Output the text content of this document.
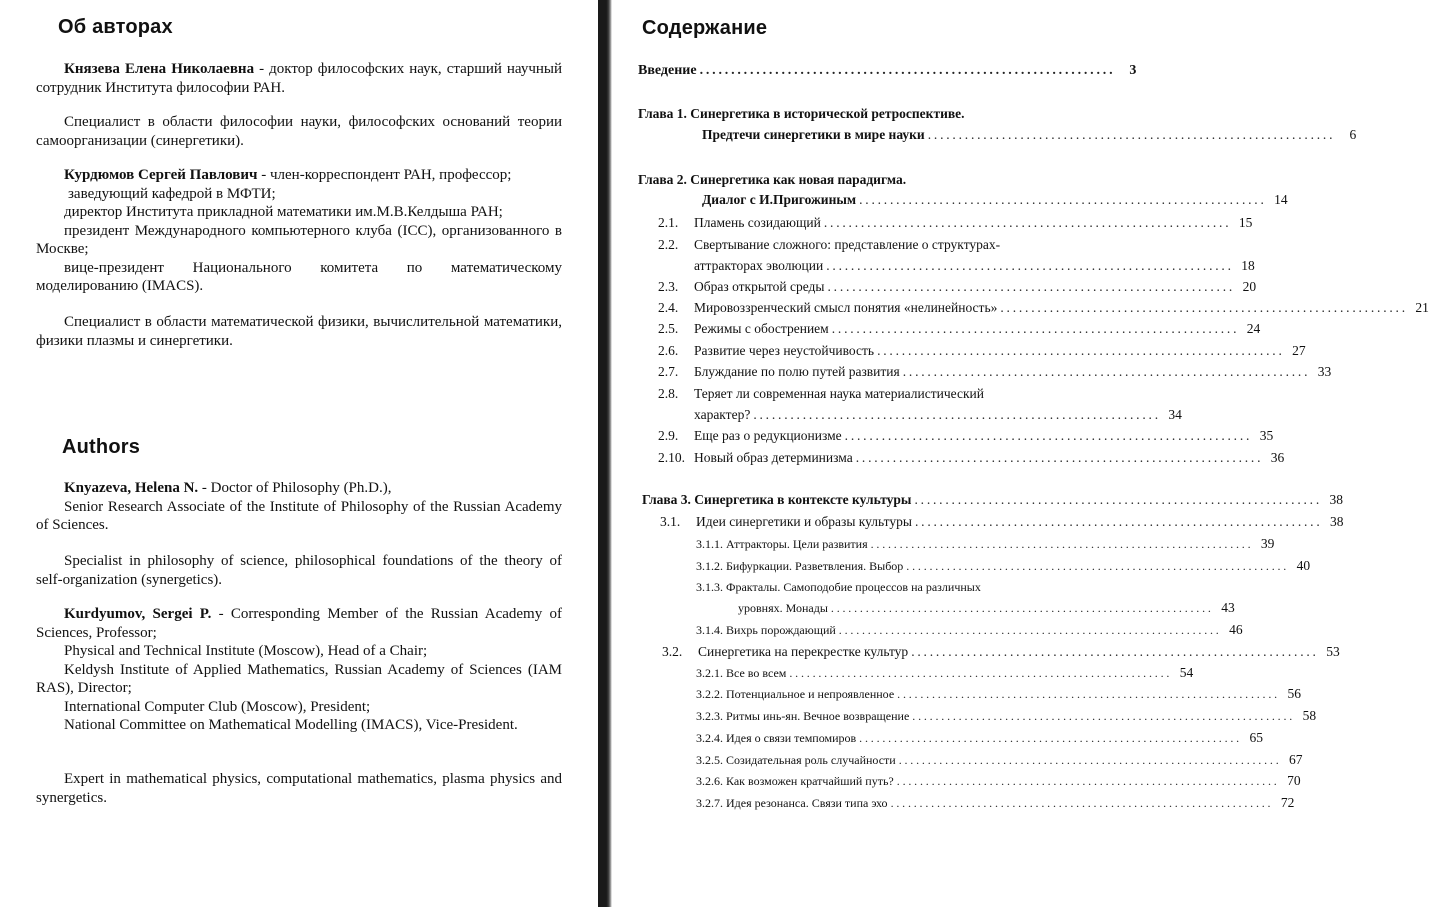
Об авторах

Князева Елена Николаевна - доктор философских наук, старший научный сотрудник Института философии РАН.

Специалист в области философии науки, философских оснований теории самоорганизации (синергетики).

Курдюмов Сергей Павлович - член-корреспондент РАН, профессор;

заведующий кафедрой в МФТИ;

директор Института прикладной математики им.М.В.Келдыша РАН;

президент Международного компьютерного клуба (ICC), организованного в Москве;

вице-президент Национального комитета по математическому моделированию (IMACS).

Специалист в области математической физики, вычислительной математики, физики плазмы и синергетики.

Authors

Knyazeva, Helena N. - Doctor of Philosophy (Ph.D.),

Senior Research Associate of the Institute of Philosophy of the Russian Academy of Sciences.

Specialist in philosophy of science, philosophical foundations of the theory of self-organization (synergetics).

Kurdyumov, Sergei P. - Corresponding Member of the Russian Academy of Sciences, Professor;

Physical and Technical Institute (Moscow), Head of a Chair;

Keldysh Institute of Applied Mathematics, Russian Academy of Sciences (IAM RAS), Director;

International Computer Club (Moscow), President;

National Committee on Mathematical Modelling (IMACS), Vice-President.

Expert in mathematical physics, computational mathematics, plasma physics and synergetics.

Содержание
Введение ..................................................................	3
Глава 1. Синергетика в исторической ретроспективе.
Предтечи синергетики в мире науки ..................................................................	6
Глава 2. Синергетика как новая парадигма.
Диалог с И.Пригожиным .................................................................. 14
2.1.	Пламень созидающий .................................................................. 15
2.2. Свертывание сложного: представление о структурах-
аттракторах эволюции .................................................................. 18
2.3.	Образ открытой среды .................................................................. 20
2.4.	Мировоззренческий смысл понятия «нелинейность» .................................................................. 21
2.5.	Режимы с обострением .................................................................. 24
2.6.	Развитие через неустойчивость .................................................................. 27
2.7.	Блуждание по полю путей развития .................................................................. 33
2.8. Теряет ли современная наука материалистический
характер? .................................................................. 34
2.9.	Еще раз о редукционизме .................................................................. 35
2.10. Новый образ детерминизма .................................................................. 36
Глава 3. Синергетика в контексте культуры .................................................................. 38
3.1.	Идеи синергетики и образы культуры .................................................................. 38
3.1.1. Аттракторы. Цели развития .................................................................. 39
3.1.2. Бифуркации. Разветвления. Выбор .................................................................. 40
3.1.3. Фракталы. Самоподобие процессов на различных
уровнях. Монады .................................................................. 43
3.1.4. Вихрь порождающий .................................................................. 46
3.2.	Синергетика на перекрестке культур .................................................................. 53
3.2.1. Все во всем .................................................................. 54
3.2.2. Потенциальное и непроявленное .................................................................. 56
3.2.3. Ритмы инь-ян. Вечное возвращение .................................................................. 58
3.2.4. Идея о связи темпомиров .................................................................. 65
3.2.5. Созидательная роль случайности .................................................................. 67
3.2.6. Как возможен кратчайший путь? .................................................................. 70
3.2.7. Идея резонанса. Связи типа эхо .................................................................. 72
